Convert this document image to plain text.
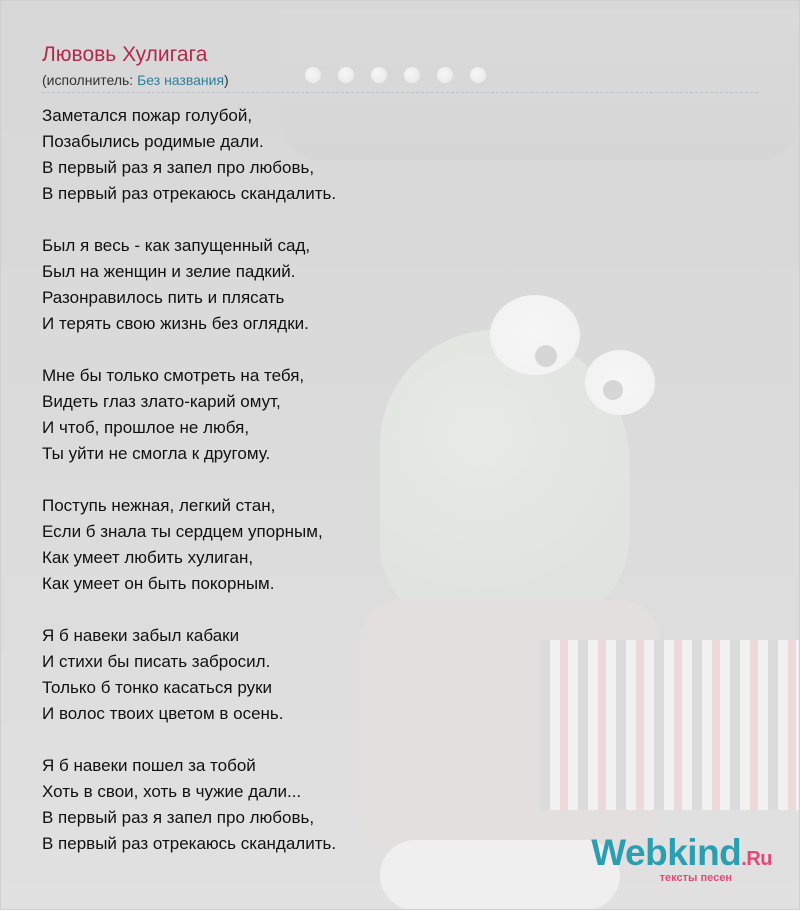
Лювовь Хулигага
(исполнитель: Без названия)
Заметался пожар голубой,
Позабылись родимые дали.
В первый раз я запел про любовь,
В первый раз отрекаюсь скандалить.
Был я весь - как запущенный сад,
Был на женщин и зелие падкий.
Разонравилось пить и плясать
И терять свою жизнь без оглядки.
Мне бы только смотреть на тебя,
Видеть глаз злато-карий омут,
И чтоб, прошлое не любя,
Ты уйти не смогла к другому.
Поступь нежная, легкий стан,
Если б знала ты сердцем упорным,
Как умеет любить хулиган,
Как умеет он быть покорным.
Я б навеки забыл кабаки
И стихи бы писать забросил.
Только б тонко касаться руки
И волос твоих цветом в осень.
Я б навеки пошел за тобой
Хоть в свои, хоть в чужие дали...
В первый раз я запел про любовь,
В первый раз отрекаюсь скандалить.	Webkind.Ru
тексты песен
